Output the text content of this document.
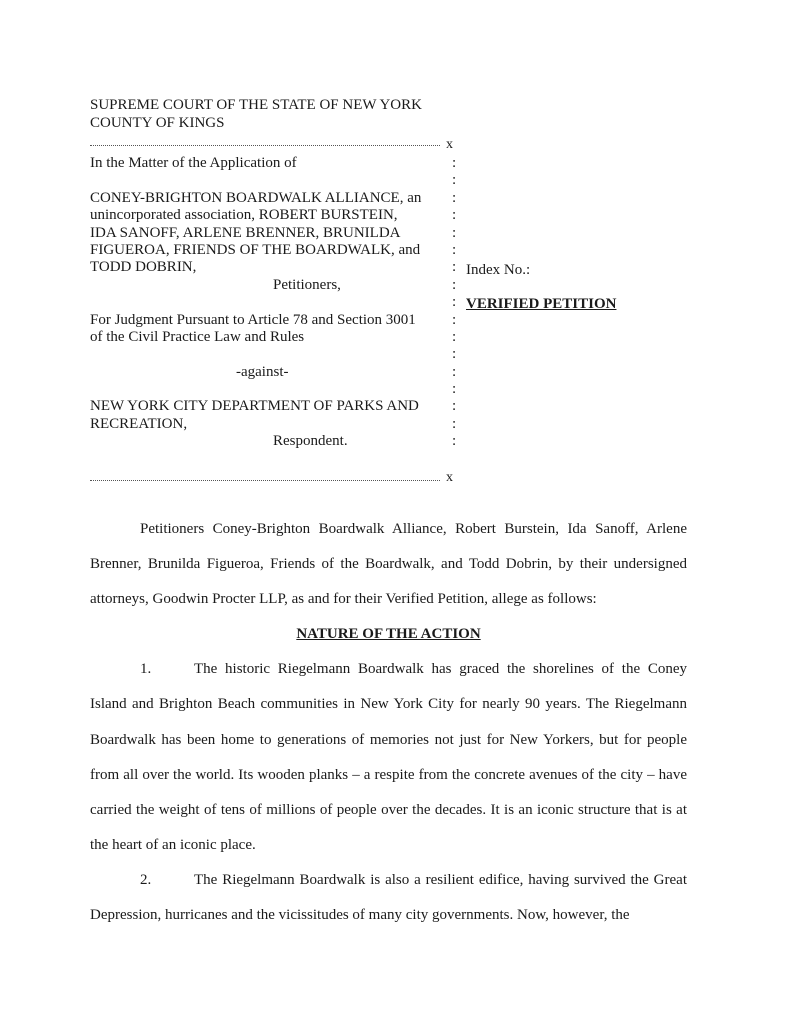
SUPREME COURT OF THE STATE OF NEW YORK
COUNTY OF KINGS
x
In the Matter of the Application of
CONEY-BRIGHTON BOARDWALK ALLIANCE, an
unincorporated association, ROBERT BURSTEIN,
IDA SANOFF, ARLENE BRENNER, BRUNILDA
FIGUEROA, FRIENDS OF THE BOARDWALK, and
TODD DOBRIN,
Petitioners,
For Judgment Pursuant to Article 78 and Section 3001
of the Civil Practice Law and Rules
-against-
NEW YORK CITY DEPARTMENT OF PARKS AND
RECREATION,
Respondent.
:
:
:
:
:
:
:
:
:
:
:
:
:
:
:
:
:
Index No.:
VERIFIED PETITION
x

Petitioners Coney-Brighton Boardwalk Alliance, Robert Burstein, Ida Sanoff, Arlene Brenner, Brunilda Figueroa, Friends of the Boardwalk, and Todd Dobrin, by their undersigned attorneys, Goodwin Procter LLP, as and for their Verified Petition, allege as follows:

NATURE OF THE ACTION

1.	The historic Riegelmann Boardwalk has graced the shorelines of the Coney Island and Brighton Beach communities in New York City for nearly 90 years. The Riegelmann Boardwalk has been home to generations of memories not just for New Yorkers, but for people from all over the world. Its wooden planks – a respite from the concrete avenues of the city – have carried the weight of tens of millions of people over the decades. It is an iconic structure that is at the heart of an iconic place.

2.	The Riegelmann Boardwalk is also a resilient edifice, having survived the Great Depression, hurricanes and the vicissitudes of many city governments. Now, however, the
